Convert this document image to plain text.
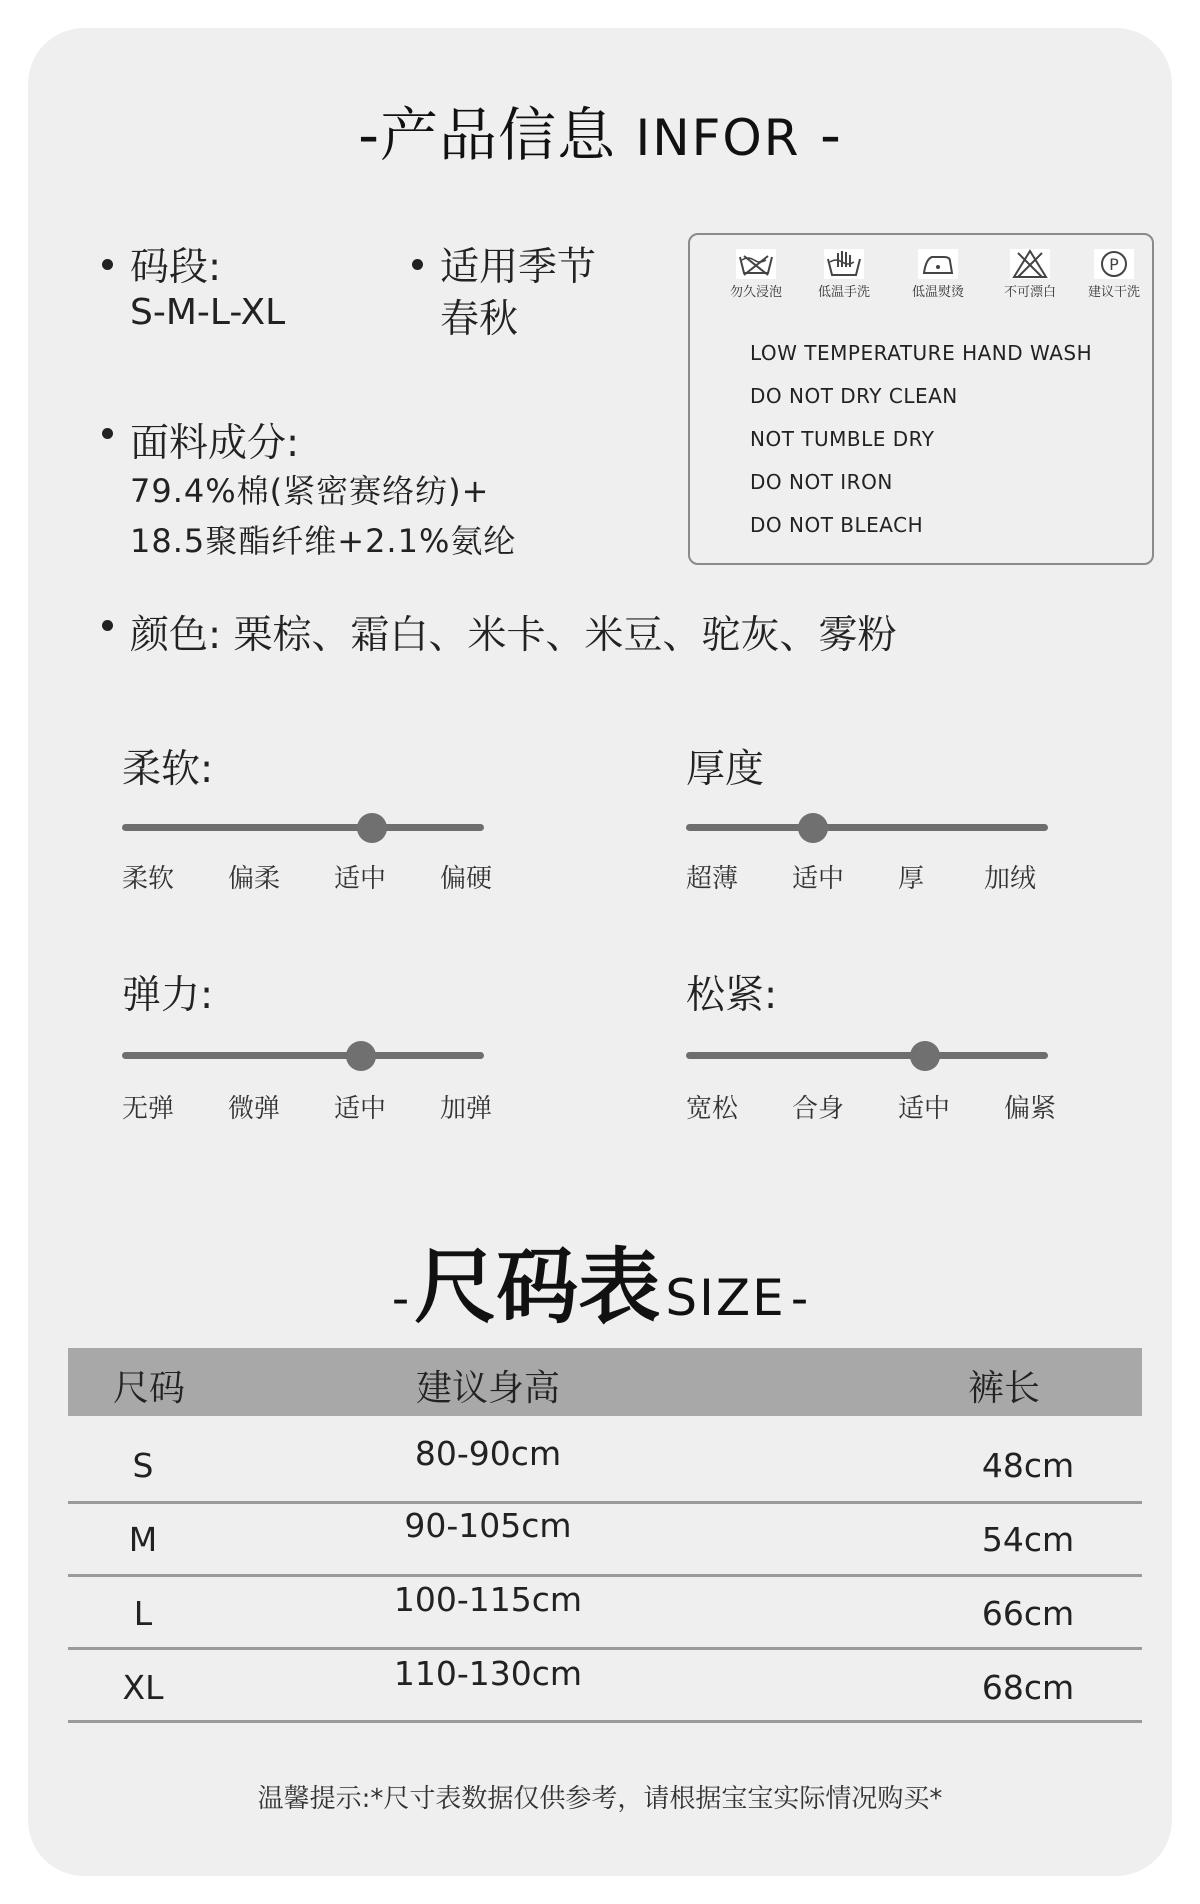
-产品信息 INFOR -
码段:
S-M-L-XL
适用季节
春秋
面料成分:
79.4%棉(紧密赛络纺)+
18.5聚酯纤维+2.1%氨纶
颜色: 栗棕、霜白、米卡、米豆、驼灰、雾粉
勿久浸泡	低温手洗	低温熨烫	不可漂白
P
建议干洗
LOW TEMPERATURE HAND WASH
DO NOT DRY CLEAN
NOT TUMBLE DRY
DO NOT IRON
DO NOT BLEACH
柔软:
柔软 偏柔 适中 偏硬
厚度
超薄 适中 厚 加绒
弹力:
无弹 微弹 适中 加弹
松紧:
宽松 合身 适中 偏紧
- 尺码表 SIZE -
尺码	建议身高	裤长
S	80-90cm	48cm
M	90-105cm	54cm
L	100-115cm	66cm
XL	110-130cm	68cm
温馨提示:*尺寸表数据仅供参考，请根据宝宝实际情况购买*
